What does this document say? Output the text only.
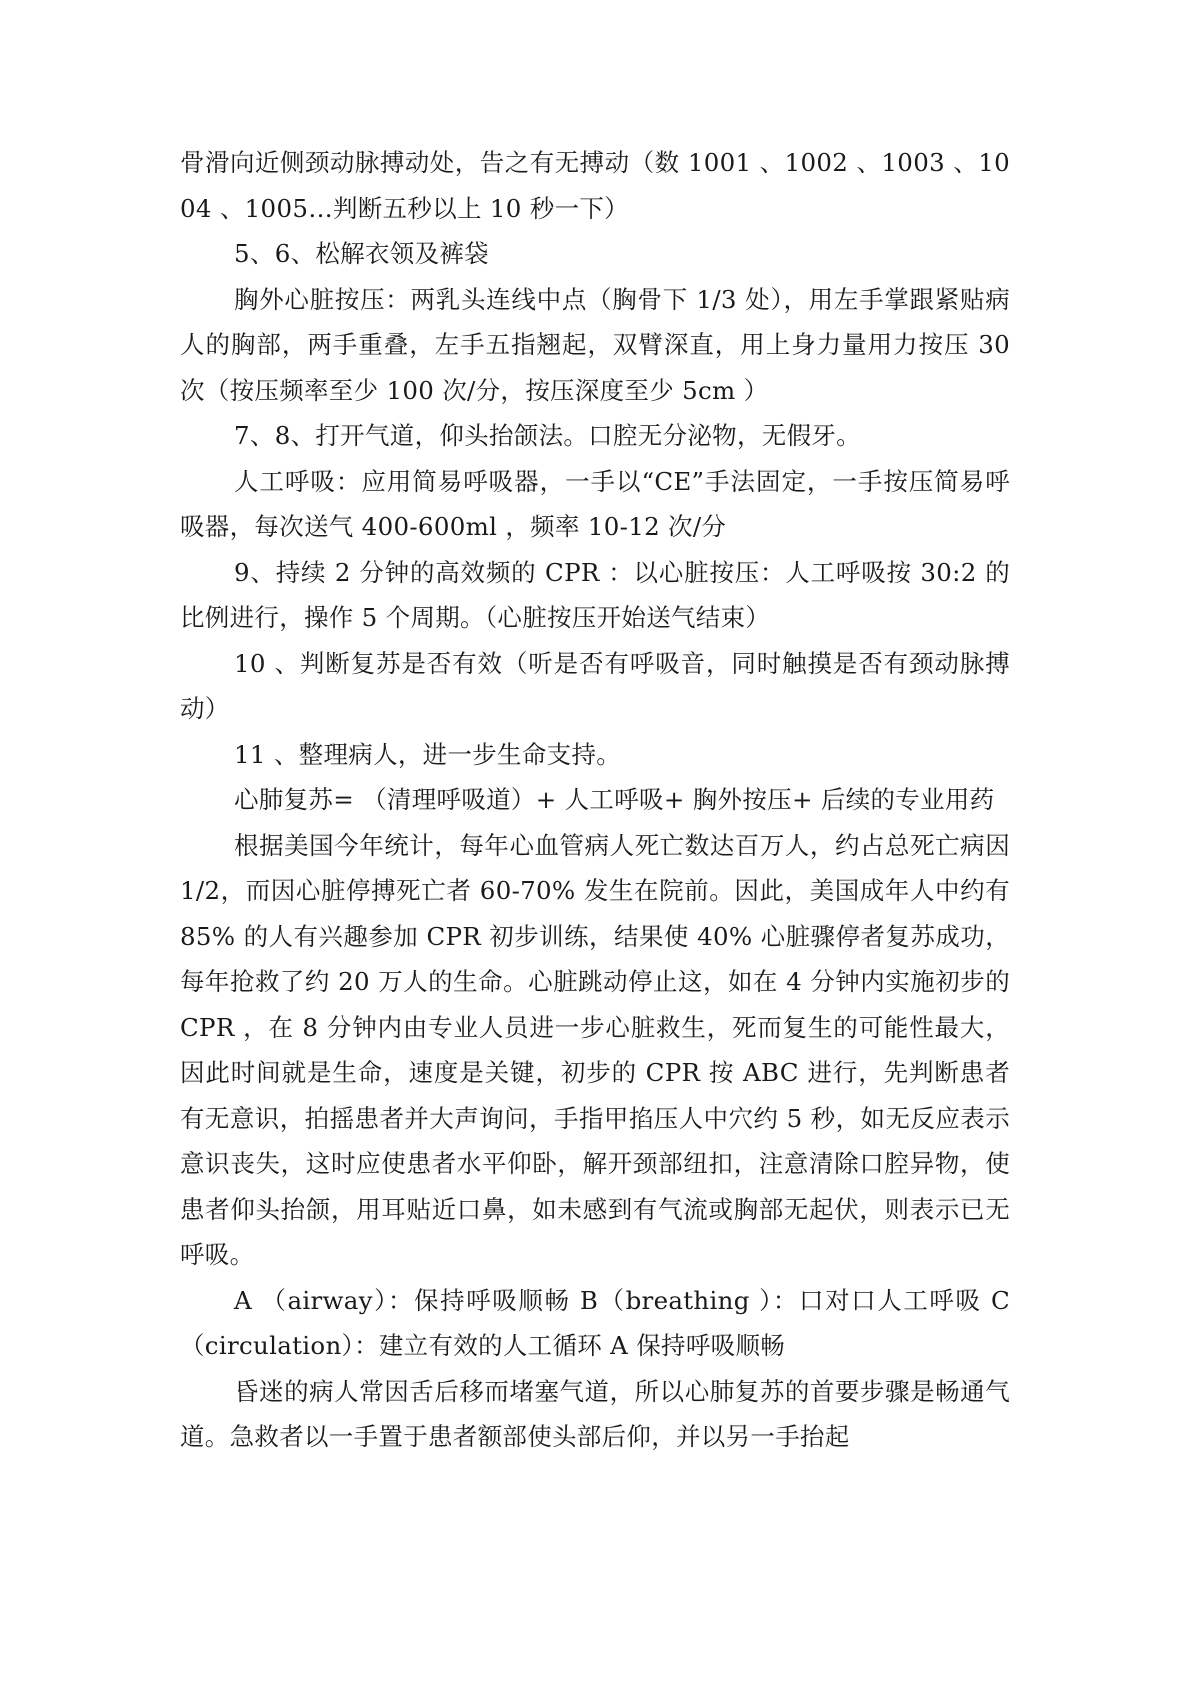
骨滑向近侧颈动脉搏动处，告之有无搏动（数 1001 、1002 、1003 、1004 、1005…判断五秒以上 10 秒一下）

5、6、松解衣领及裤袋

胸外心脏按压：两乳头连线中点（胸骨下 1/3 处），用左手掌跟紧贴病人的胸部，两手重叠，左手五指翘起，双臂深直，用上身力量用力按压 30 次（按压频率至少 100 次/分，按压深度至少 5cm ）

7、8、打开气道，仰头抬颌法。口腔无分泌物，无假牙。

人工呼吸：应用简易呼吸器，一手以“CE”手法固定，一手按压简易呼吸器，每次送气 400-600ml ，频率 10-12 次/分

9、持续 2 分钟的高效频的 CPR ：以心脏按压：人工呼吸按 30:2 的比例进行，操作 5 个周期。（心脏按压开始送气结束）

10 、判断复苏是否有效（听是否有呼吸音，同时触摸是否有颈动脉搏动）

11 、整理病人，进一步生命支持。

心肺复苏= （清理呼吸道）+ 人工呼吸+ 胸外按压+ 后续的专业用药

根据美国今年统计，每年心血管病人死亡数达百万人，约占总死亡病因 1/2，而因心脏停搏死亡者 60-70% 发生在院前。因此，美国成年人中约有 85% 的人有兴趣参加 CPR 初步训练，结果使 40% 心脏骤停者复苏成功，每年抢救了约 20 万人的生命。心脏跳动停止这，如在 4 分钟内实施初步的 CPR ，在 8 分钟内由专业人员进一步心脏救生，死而复生的可能性最大，因此时间就是生命，速度是关键，初步的 CPR 按 ABC 进行，先判断患者有无意识，拍摇患者并大声询问，手指甲掐压人中穴约 5 秒，如无反应表示意识丧失，这时应使患者水平仰卧，解开颈部纽扣，注意清除口腔异物，使患者仰头抬颌，用耳贴近口鼻，如未感到有气流或胸部无起伏，则表示已无呼吸。

A （airway）：保持呼吸顺畅 B（breathing ）：口对口人工呼吸 C（circulation）：建立有效的人工循环 A 保持呼吸顺畅

昏迷的病人常因舌后移而堵塞气道，所以心肺复苏的首要步骤是畅通气道。急救者以一手置于患者额部使头部后仰，并以另一手抬起
